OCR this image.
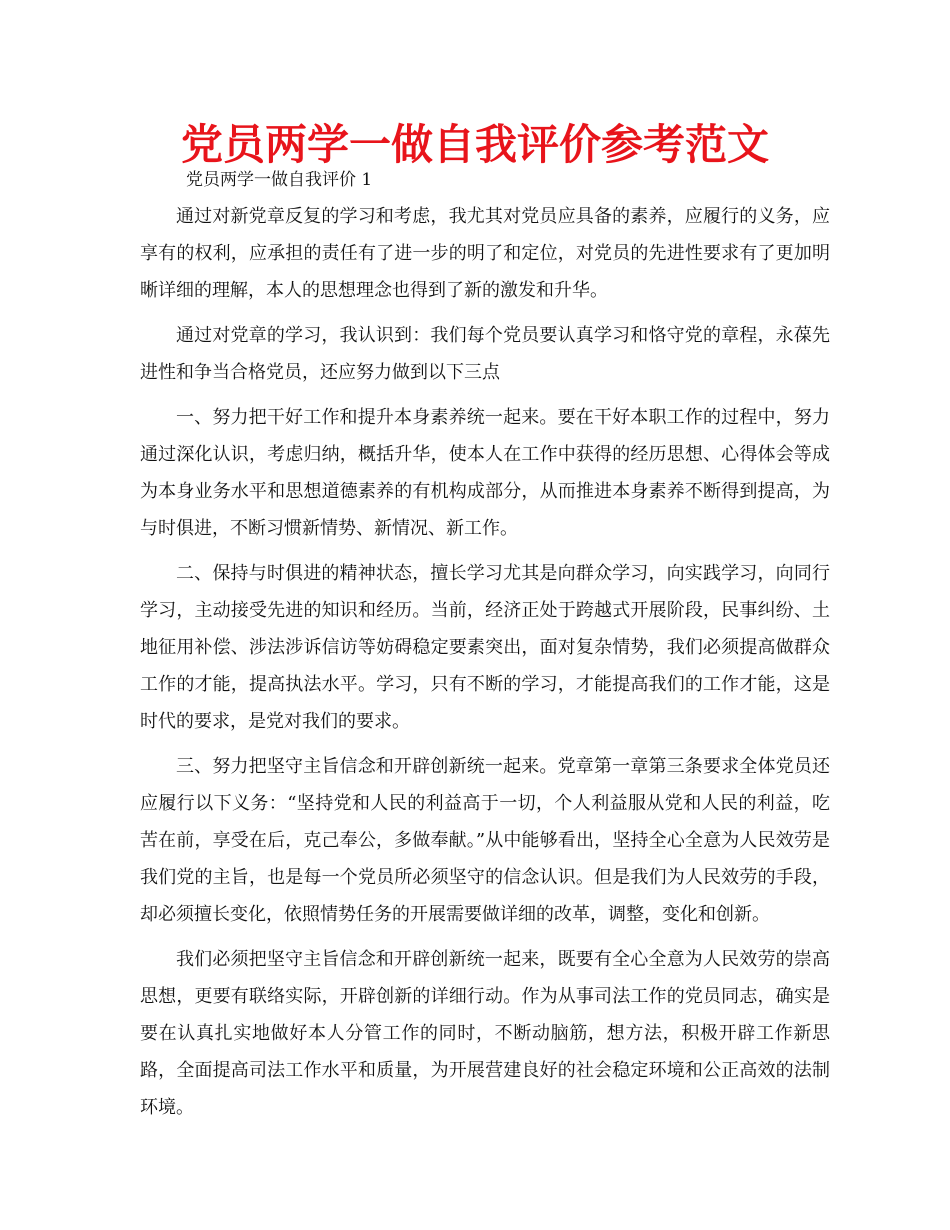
党员两学一做自我评价参考范文
党员两学一做自我评价 1

通过对新党章反复的学习和考虑，我尤其对党员应具备的素养，应履行的义务，应享有的权利，应承担的责任有了进一步的明了和定位，对党员的先进性要求有了更加明晰详细的理解，本人的思想理念也得到了新的激发和升华。

通过对党章的学习，我认识到：我们每个党员要认真学习和恪守党的章程，永葆先进性和争当合格党员，还应努力做到以下三点

一、努力把干好工作和提升本身素养统一起来。要在干好本职工作的过程中，努力通过深化认识，考虑归纳，概括升华，使本人在工作中获得的经历思想、心得体会等成为本身业务水平和思想道德素养的有机构成部分，从而推进本身素养不断得到提高，为与时俱进，不断习惯新情势、新情况、新工作。

二、保持与时俱进的精神状态，擅长学习尤其是向群众学习，向实践学习，向同行学习，主动接受先进的知识和经历。当前，经济正处于跨越式开展阶段，民事纠纷、土地征用补偿、涉法涉诉信访等妨碍稳定要素突出，面对复杂情势，我们必须提高做群众工作的才能，提高执法水平。学习，只有不断的学习，才能提高我们的工作才能，这是时代的要求，是党对我们的要求。

三、努力把坚守主旨信念和开辟创新统一起来。党章第一章第三条要求全体党员还应履行以下义务：“坚持党和人民的利益高于一切，个人利益服从党和人民的利益，吃苦在前，享受在后，克己奉公，多做奉献。”从中能够看出，坚持全心全意为人民效劳是我们党的主旨，也是每一个党员所必须坚守的信念认识。但是我们为人民效劳的手段，却必须擅长变化，依照情势任务的开展需要做详细的改革，调整，变化和创新。

我们必须把坚守主旨信念和开辟创新统一起来，既要有全心全意为人民效劳的崇高思想，更要有联络实际，开辟创新的详细行动。作为从事司法工作的党员同志，确实是要在认真扎实地做好本人分管工作的同时，不断动脑筋，想方法，积极开辟工作新思路，全面提高司法工作水平和质量，为开展营建良好的社会稳定环境和公正高效的法制环境。
